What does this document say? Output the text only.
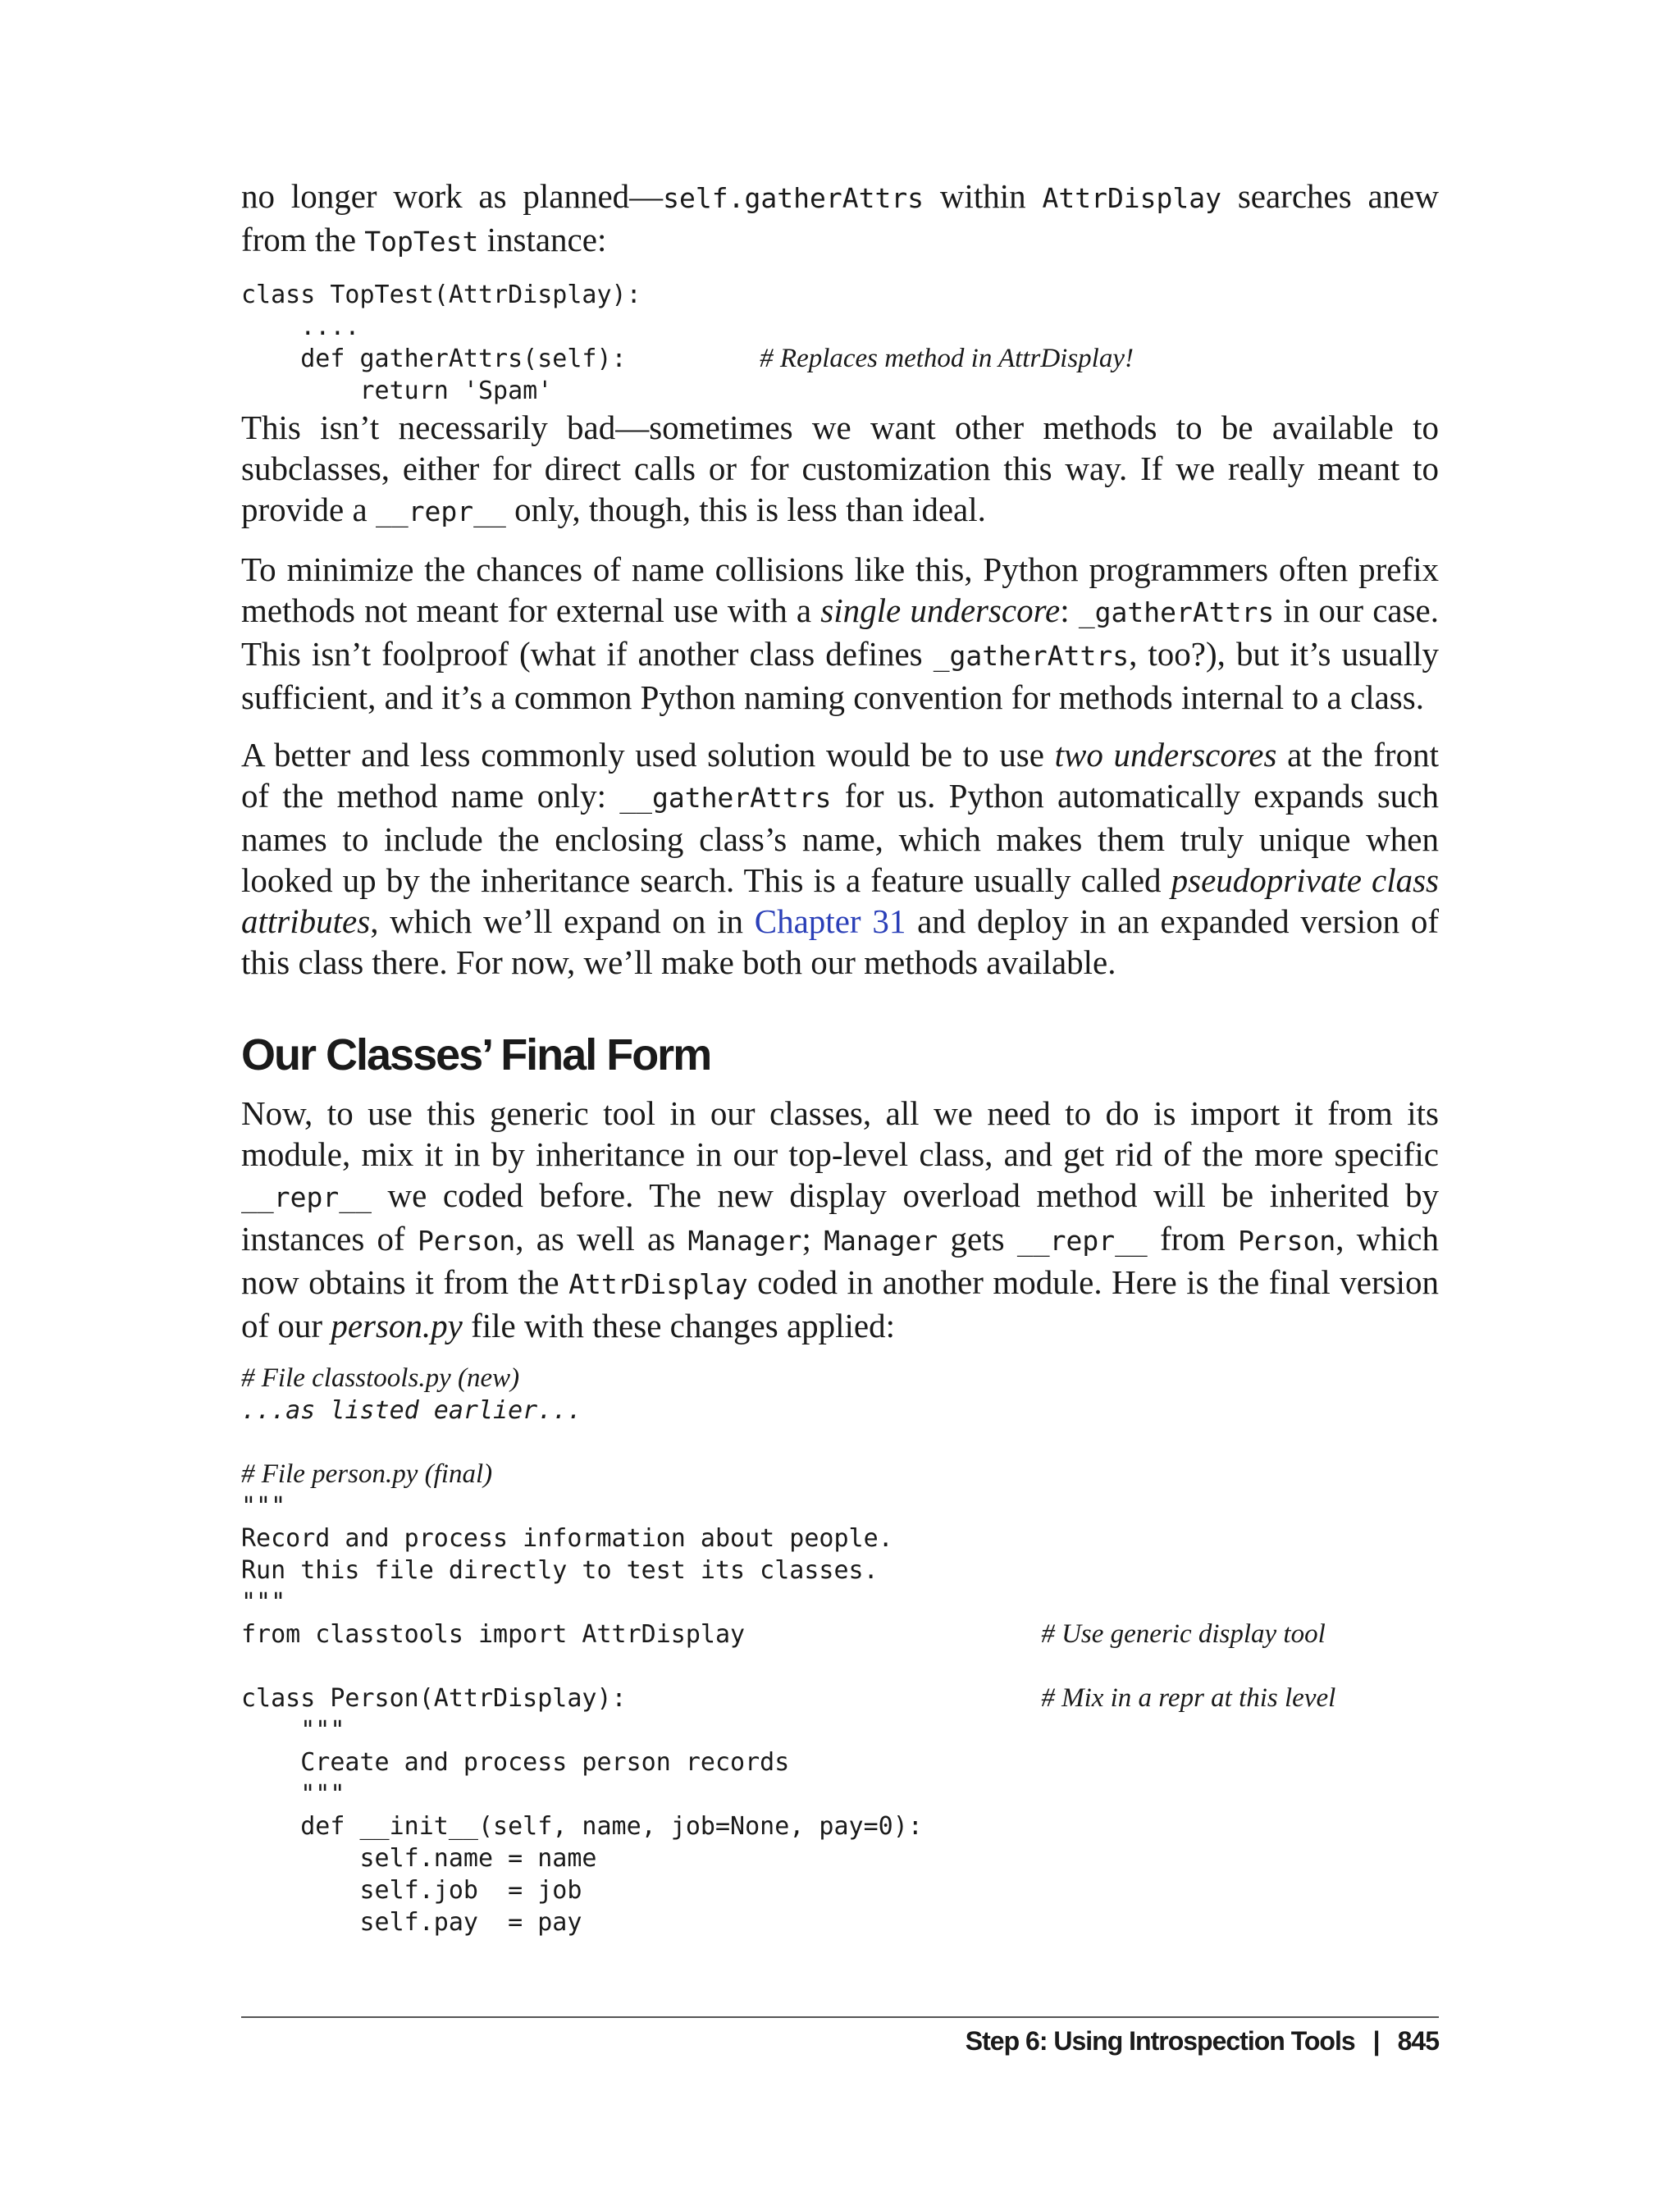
no longer work as planned—self.gatherAttrs within AttrDisplay searches anew from the TopTest instance:

class TopTest(AttrDisplay):
....
def gatherAttrs(self):         # Replaces method in AttrDisplay!
return 'Spam'

This isn’t necessarily bad—sometimes we want other methods to be available to subclasses, either for direct calls or for customization this way. If we really meant to provide a __repr__ only, though, this is less than ideal.

To minimize the chances of name collisions like this, Python programmers often prefix methods not meant for external use with a single underscore: _gatherAttrs in our case. This isn’t foolproof (what if another class defines _gatherAttrs, too?), but it’s usually sufficient, and it’s a common Python naming convention for methods internal to a class.

A better and less commonly used solution would be to use two underscores at the front of the method name only: __gatherAttrs for us. Python automatically expands such names to include the enclosing class’s name, which makes them truly unique when looked up by the inheritance search. This is a feature usually called pseudoprivate class attributes, which we’ll expand on in Chapter 31 and deploy in an expanded version of this class there. For now, we’ll make both our methods available.

Our Classes’ Final Form

Now, to use this generic tool in our classes, all we need to do is import it from its module, mix it in by inheritance in our top-level class, and get rid of the more specific __repr__ we coded before. The new display overload method will be inherited by instances of Person, as well as Manager; Manager gets __repr__ from Person, which now obtains it from the AttrDisplay coded in another module. Here is the final version of our person.py file with these changes applied:

# File classtools.py (new)
...as listed earlier...

# File person.py (final)
"""
Record and process information about people.
Run this file directly to test its classes.
"""
from classtools import AttrDisplay                    # Use generic display tool

class Person(AttrDisplay):                            # Mix in a repr at this level
"""
Create and process person records
"""
def __init__(self, name, job=None, pay=0):
self.name = name
self.job  = job
self.pay  = pay
Step 6: Using Introspection Tools | 845
